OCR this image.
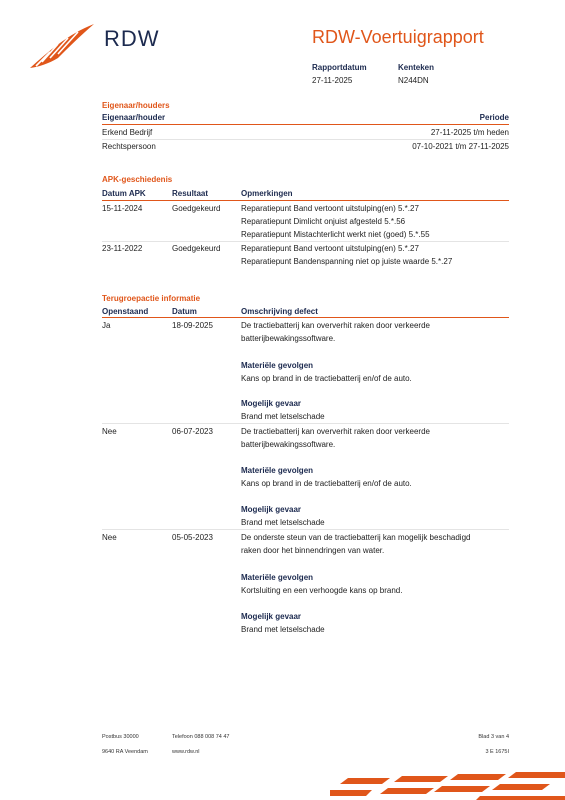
RDW	RDW-Voertuigrapport
Rapportdatum
27-11-2025
Kenteken
N244DN
Eigenaar/houders
Eigenaar/houder	Periode
Erkend Bedrijf	27-11-2025 t/m heden
Rechtspersoon	07-10-2021 t/m 27-11-2025
APK-geschiedenis
Datum APK	Resultaat	Opmerkingen
15-11-2024	Goedgekeurd	Reparatiepunt Band vertoont uitstulping(en) 5.*.27
Reparatiepunt Dimlicht onjuist afgesteld 5.*.56
Reparatiepunt Mistachterlicht werkt niet (goed) 5.*.55
23-11-2022	Goedgekeurd	Reparatiepunt Band vertoont uitstulping(en) 5.*.27
Reparatiepunt Bandenspanning niet op juiste waarde 5.*.27
Terugroepactie informatie
Openstaand	Datum	Omschrijving defect
Ja	18-09-2025	De tractiebatterij kan oververhit raken door verkeerde
batterijbewakingssoftware.
Materiële gevolgen
Kans op brand in de tractiebatterij en/of de auto.
Mogelijk gevaar
Brand met letselschade
Nee	06-07-2023	De tractiebatterij kan oververhit raken door verkeerde
batterijbewakingssoftware.
Materiële gevolgen
Kans op brand in de tractiebatterij en/of de auto.
Mogelijk gevaar
Brand met letselschade
Nee	05-05-2023	De onderste steun van de tractiebatterij kan mogelijk beschadigd
raken door het binnendringen van water.
Materiële gevolgen
Kortsluiting en een verhoogde kans op brand.
Mogelijk gevaar
Brand met letselschade
Postbus 30000	Telefoon 088 008 74 47	Blad 3 van 4
9640 RA Veendam	www.rdw.nl	3 E 1675I
